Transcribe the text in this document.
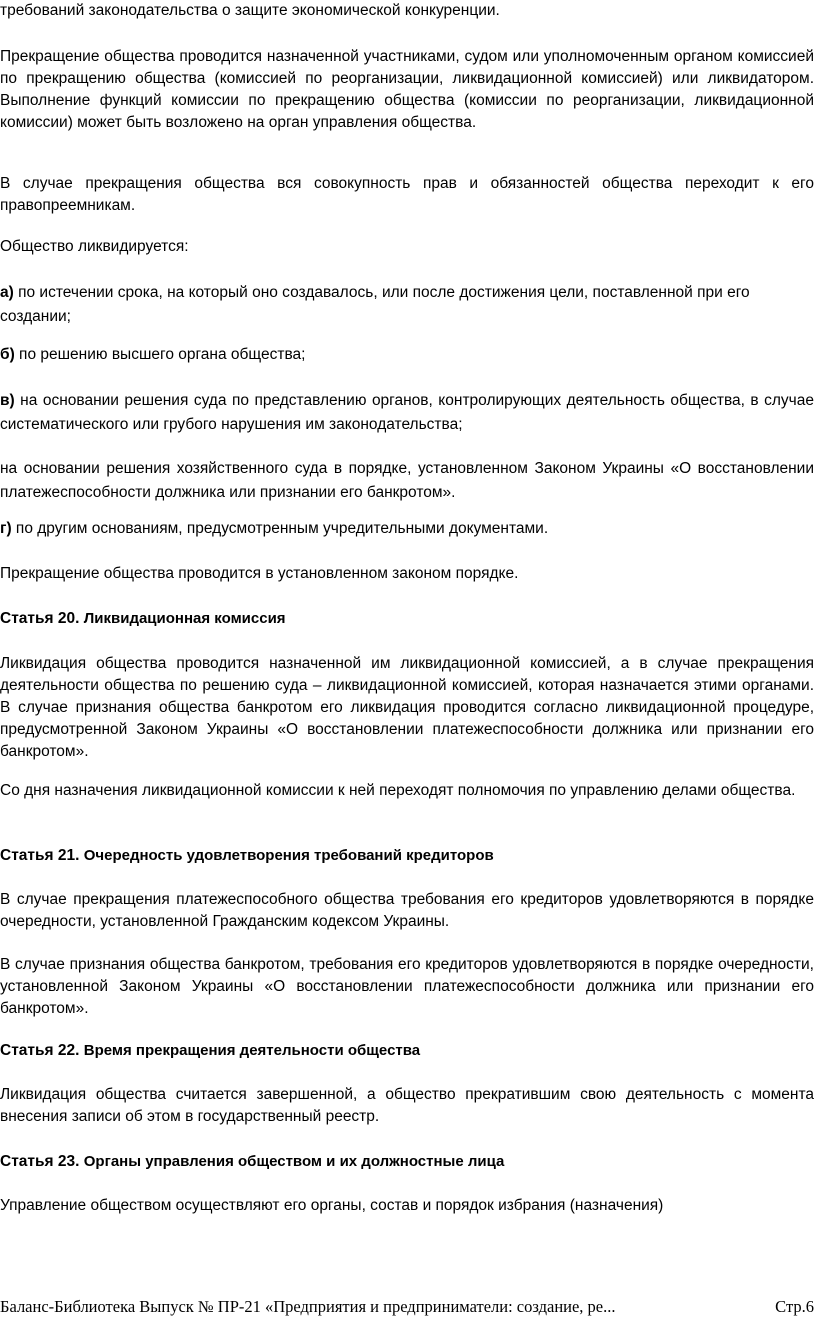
требований законодательства о защите экономической конкуренции.

Прекращение общества проводится назначенной участниками, судом или уполномоченным органом комиссией по прекращению общества (комиссией по реорганизации, ликвидационной комиссией) или ликвидатором. Выполнение функций комиссии по прекращению общества (комиссии по реорганизации, ликвидационной комиссии) может быть возложено на орган управления общества.

В случае прекращения общества вся совокупность прав и обязанностей общества переходит к его правопреемникам.

Общество ликвидируется:

а) по истечении срока, на который оно создавалось, или после достижения цели, поставленной при его создании;

б) по решению высшего органа общества;

в) на основании решения суда по представлению органов, контролирующих деятельность общества, в случае систематического или грубого нарушения им законодательства;

на основании решения хозяйственного суда в порядке, установленном Законом Украины «О восстановлении платежеспособности должника или признании его банкротом».

г) по другим основаниям, предусмотренным учредительными документами.

Прекращение общества проводится в установленном законом порядке.

Статья 20. Ликвидационная комиссия

Ликвидация общества проводится назначенной им ликвидационной комиссией, а в случае прекращения деятельности общества по решению суда – ликвидационной комиссией, которая назначается этими органами. В случае признания общества банкротом его ликвидация проводится согласно ликвидационной процедуре, предусмотренной Законом Украины «О восстановлении платежеспособности должника или признании его банкротом».

Со дня назначения ликвидационной комиссии к ней переходят полномочия по управлению делами общества.

Статья 21. Очередность удовлетворения требований кредиторов

В случае прекращения платежеспособного общества требования его кредиторов удовлетворяются в порядке очередности, установленной Гражданским кодексом Украины.

В случае признания общества банкротом, требования его кредиторов удовлетворяются в порядке очередности, установленной Законом Украины «О восстановлении платежеспособности должника или признании его банкротом».

Статья 22. Время прекращения деятельности общества

Ликвидация общества считается завершенной, а общество прекратившим свою деятельность с момента внесения записи об этом в государственный реестр.

Статья 23. Органы управления обществом и их должностные лица

Управление обществом осуществляют его органы, состав и порядок избрания (назначения)

Баланс-Библиотека Выпуск № ПР-21 «Предприятия и предприниматели: создание, ре...	Стр.6
